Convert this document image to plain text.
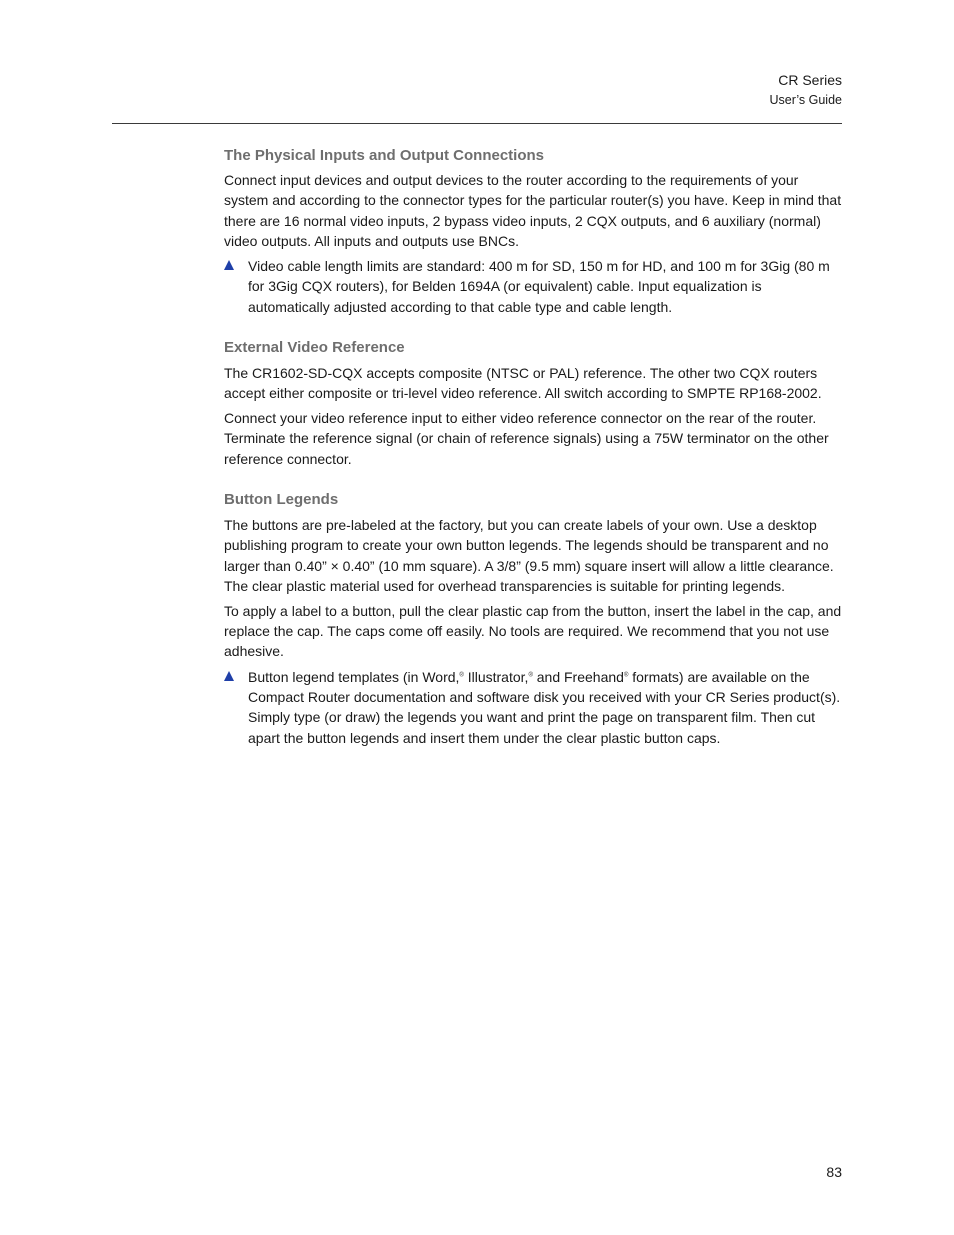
CR Series
User’s Guide
The Physical Inputs and Output Connections

Connect input devices and output devices to the router according to the requirements of your system and according to the connector types for the particular router(s) you have. Keep in mind that there are 16 normal video inputs, 2 bypass video inputs, 2 CQX outputs, and 6 auxiliary (normal) video outputs. All inputs and outputs use BNCs.

Video cable length limits are standard: 400 m for SD, 150 m for HD, and 100 m for 3Gig (80 m for 3Gig CQX routers), for Belden 1694A (or equivalent) cable. Input equalization is automatically adjusted according to that cable type and cable length.

External Video Reference

The CR1602-SD-CQX accepts composite (NTSC or PAL) reference. The other two CQX routers accept either composite or tri-level video reference. All switch according to SMPTE RP168-2002.

Connect your video reference input to either video reference connector on the rear of the router. Terminate the reference signal (or chain of reference signals) using a 75W terminator on the other reference connector.

Button Legends

The buttons are pre-labeled at the factory, but you can create labels of your own. Use a desktop publishing program to create your own button legends. The legends should be transparent and no larger than 0.40” × 0.40” (10 mm square). A 3/8” (9.5 mm) square insert will allow a little clearance. The clear plastic material used for overhead transparencies is suitable for printing legends.

To apply a label to a button, pull the clear plastic cap from the button, insert the label in the cap, and replace the cap. The caps come off easily. No tools are required. We recommend that you not use adhesive.

Button legend templates (in Word,® Illustrator,® and Freehand® formats) are available on the Compact Router documentation and software disk you received with your CR Series product(s). Simply type (or draw) the legends you want and print the page on transparent film. Then cut apart the button legends and insert them under the clear plastic button caps.

83
